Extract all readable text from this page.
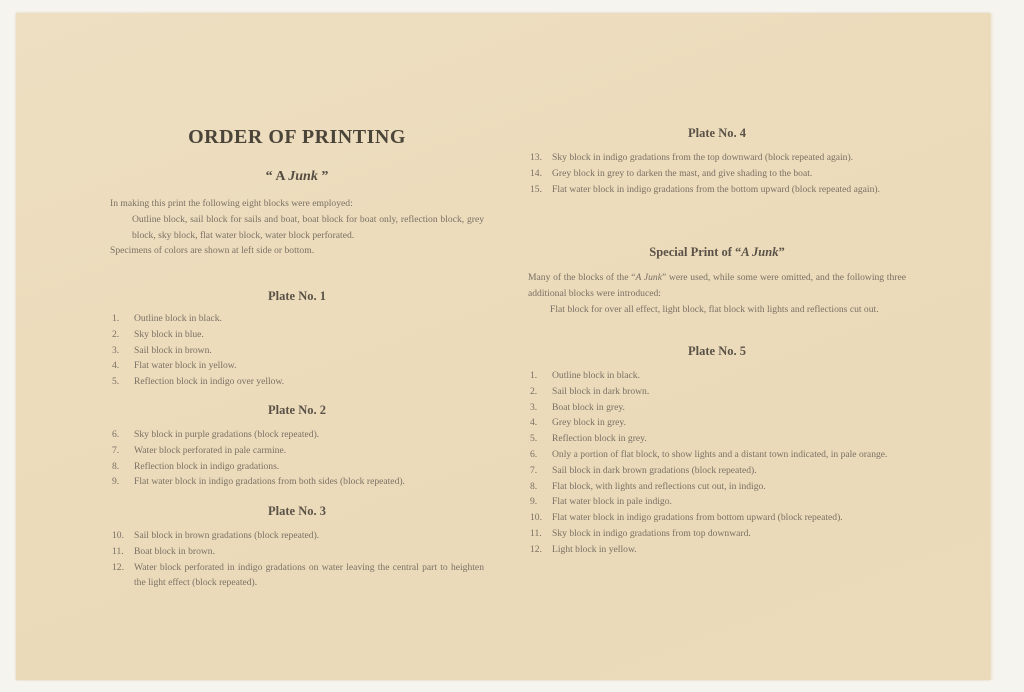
ORDER OF PRINTING
“ A Junk ”
In making this print the following eight blocks were employed:
Outline block, sail block for sails and boat, boat block for boat only, reflection block, grey block, sky block, flat water block, water block perforated.
Specimens of colors are shown at left side or bottom.
Plate No. 1
1. Outline block in black.
2. Sky block in blue.
3. Sail block in brown.
4. Flat water block in yellow.
5. Reflection block in indigo over yellow.
Plate No. 2
6. Sky block in purple gradations (block repeated).
7. Water block perforated in pale carmine.
8. Reflection block in indigo gradations.
9. Flat water block in indigo gradations from both sides (block repeated).
Plate No. 3
10. Sail block in brown gradations (block repeated).
11. Boat block in brown.
12. Water block perforated in indigo gradations on water leaving the central part to heighten the light effect (block repeated).
Plate No. 4
13. Sky block in indigo gradations from the top downward (block repeated again).
14. Grey block in grey to darken the mast, and give shading to the boat.
15. Flat water block in indigo gradations from the bottom upward (block repeated again).
Special Print of “A Junk”
Many of the blocks of the “A Junk” were used, while some were omitted, and the following three additional blocks were introduced:
Flat block for over all effect, light block, flat block with lights and reflections cut out.
Plate No. 5
1. Outline block in black.
2. Sail block in dark brown.
3. Boat block in grey.
4. Grey block in grey.
5. Reflection block in grey.
6. Only a portion of flat block, to show lights and a distant town indicated, in pale orange.
7. Sail block in dark brown gradations (block repeated).
8. Flat block, with lights and reflections cut out, in indigo.
9. Flat water block in pale indigo.
10. Flat water block in indigo gradations from bottom upward (block repeated).
11. Sky block in indigo gradations from top downward.
12. Light block in yellow.
